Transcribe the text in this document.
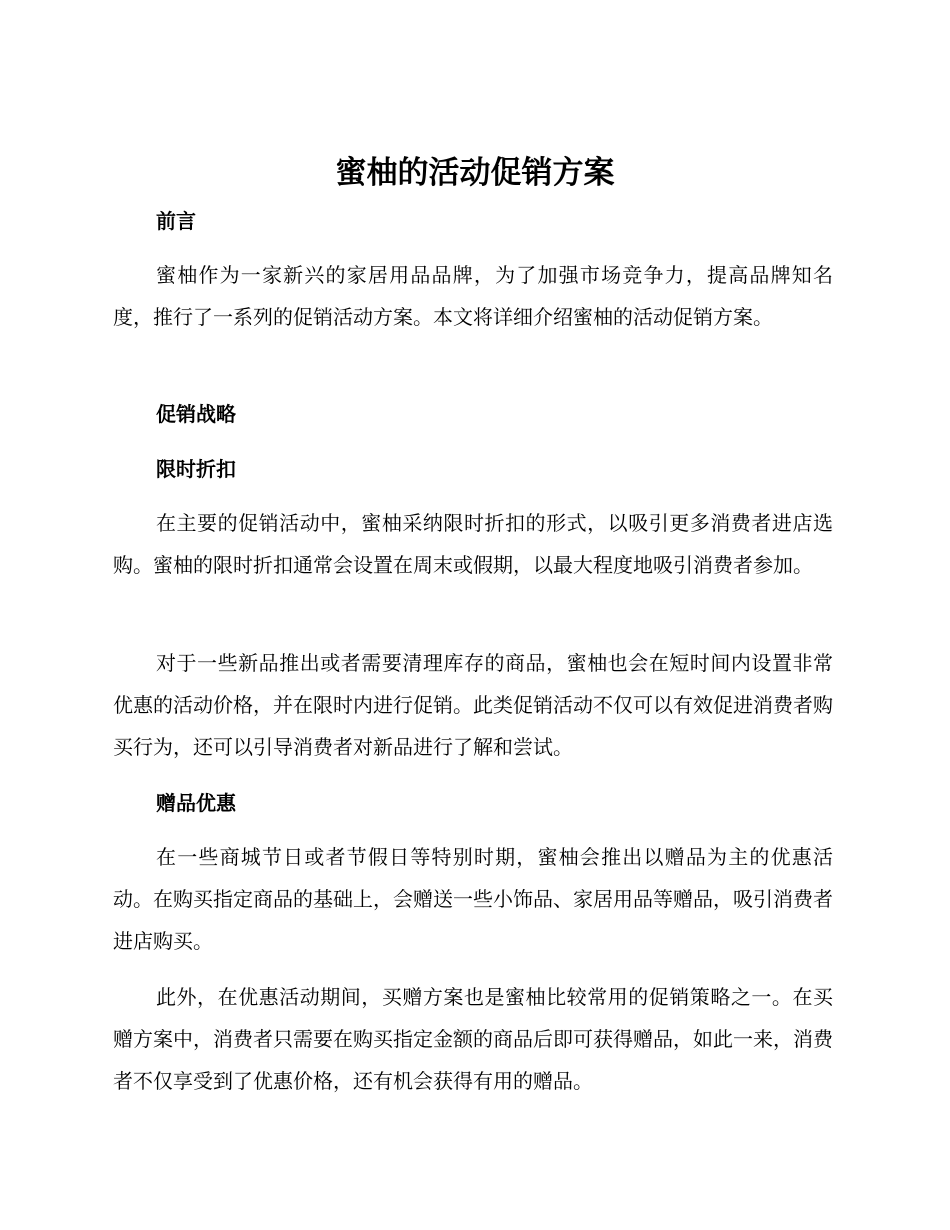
蜜柚的活动促销方案
前言

蜜柚作为一家新兴的家居用品品牌，为了加强市场竞争力，提高品牌知名度，推行了一系列的促销活动方案。本文将详细介绍蜜柚的活动促销方案。

促销战略
限时折扣

在主要的促销活动中，蜜柚采纳限时折扣的形式，以吸引更多消费者进店选购。蜜柚的限时折扣通常会设置在周末或假期，以最大程度地吸引消费者参加。

对于一些新品推出或者需要清理库存的商品，蜜柚也会在短时间内设置非常优惠的活动价格，并在限时内进行促销。此类促销活动不仅可以有效促进消费者购买行为，还可以引导消费者对新品进行了解和尝试。

赠品优惠

在一些商城节日或者节假日等特别时期，蜜柚会推出以赠品为主的优惠活动。在购买指定商品的基础上，会赠送一些小饰品、家居用品等赠品，吸引消费者进店购买。

此外，在优惠活动期间，买赠方案也是蜜柚比较常用的促销策略之一。在买赠方案中，消费者只需要在购买指定金额的商品后即可获得赠品，如此一来，消费者不仅享受到了优惠价格，还有机会获得有用的赠品。
